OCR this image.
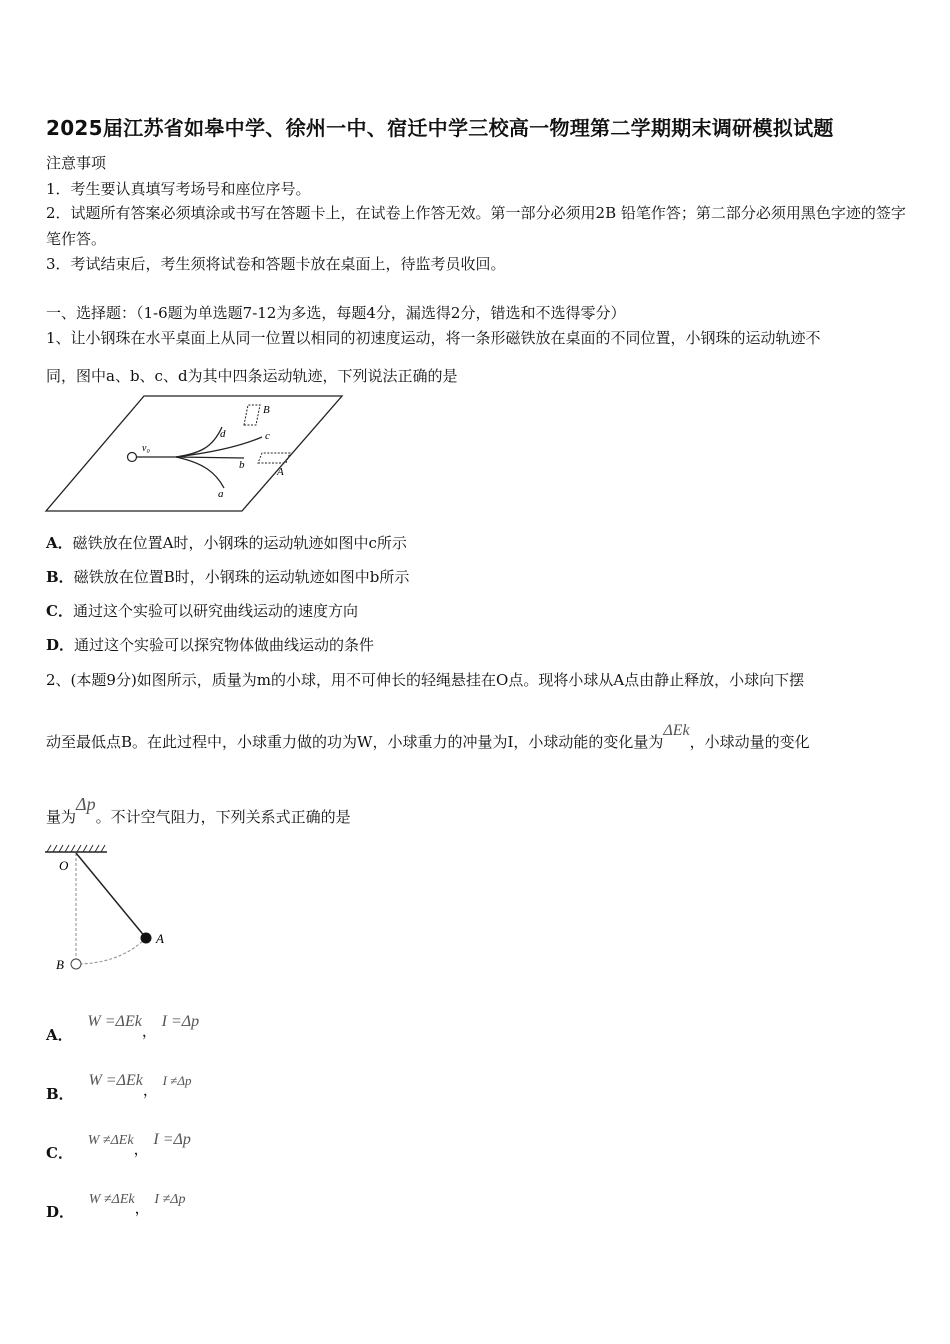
2025届江苏省如皋中学、徐州一中、宿迁中学三校高一物理第二学期期末调研模拟试题
注意事项
1．考生要认真填写考场号和座位序号。
2．试题所有答案必须填涂或书写在答题卡上，在试卷上作答无效。第一部分必须用2B 铅笔作答；第二部分必须用黑色字迹的签字笔作答。
3．考试结束后，考生须将试卷和答题卡放在桌面上，待监考员收回。
一、选择题：（1-6题为单选题7-12为多选，每题4分，漏选得2分，错选和不选得零分）
1、让小钢珠在水平桌面上从同一位置以相同的初速度运动，将一条形磁铁放在桌面的不同位置，小钢珠的运动轨迹不
同，图中a、b、c、d为其中四条运动轨迹，下列说法正确的是
v₀
d	c
b
a
A
B
A．磁铁放在位置A时，小钢珠的运动轨迹如图中c所示
B．磁铁放在位置B时，小钢珠的运动轨迹如图中b所示
C．通过这个实验可以研究曲线运动的速度方向
D．通过这个实验可以探究物体做曲线运动的条件
2、(本题9分)如图所示，质量为m的小球，用不可伸长的轻绳悬挂在O点。现将小球从A点由静止释放，小球向下摆
动至最低点B。在此过程中，小球重力做的功为W，小球重力的冲量为I，小球动能的变化量为ΔEk，小球动量的变化
量为Δp。不计空气阻力，下列关系式正确的是
O
A
B
A． W =ΔEk， I =Δp
B． W =ΔEk， I ≠Δp
C． W ≠ΔEk， I =Δp
D． W ≠ΔEk， I ≠Δp
